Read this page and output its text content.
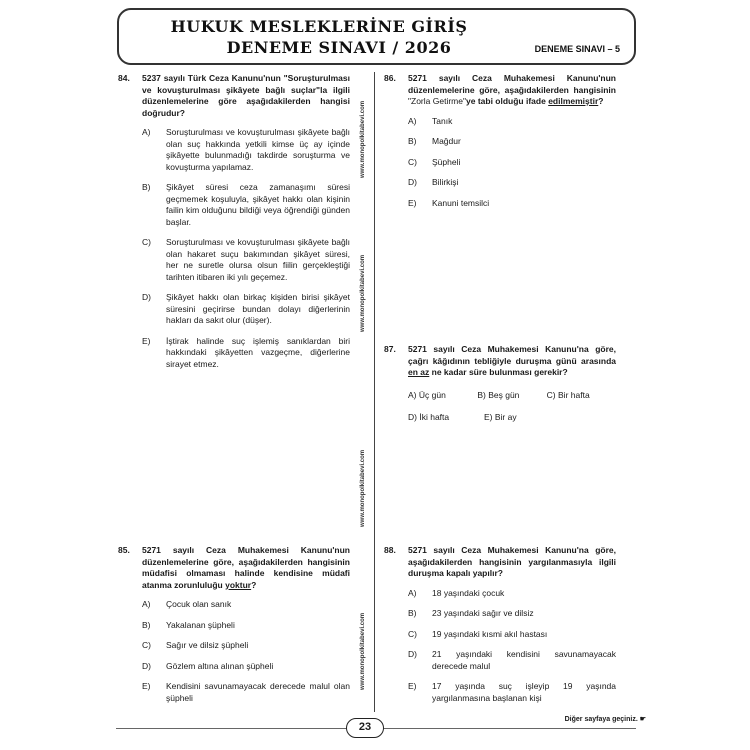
HUKUK MESLEKLERİNE GİRİŞ
DENEME SINAVI / 2026	DENEME SINAVI – 5
www.monopolkitabevi.com
www.monopolkitabevi.com
www.monopolkitabevi.com
www.monopolkitabevi.com
84.	5237 sayılı Türk Ceza Kanunu'nun "Soruşturulması ve kovuşturulması şikâyete bağlı suçlar"la ilgili düzenlemelerine göre aşağıdakilerden hangisi doğrudur?
A)	Soruşturulması ve kovuşturulması şikâyete bağlı olan suç hakkında yetkili kimse üç ay içinde şikâyette bulunmadığı takdirde soruşturma ve kovuşturma yapılamaz.
B)	Şikâyet süresi ceza zamanaşımı süresi geçmemek koşuluyla, şikâyet hakkı olan kişinin failin kim olduğunu bildiği veya öğrendiği günden başlar.
C)	Soruşturulması ve kovuşturulması şikâyete bağlı olan hakaret suçu bakımından şikâyet süresi, her ne suretle olursa olsun fiilin gerçekleştiği tarihten itibaren iki yılı geçemez.
D)	Şikâyet hakkı olan birkaç kişiden birisi şikâyet süresini geçirirse bundan dolayı diğerlerinin hakları da sakıt olur (düşer).
E)	İştirak halinde suç işlemiş sanıklardan biri hakkındaki şikâyetten vazgeçme, diğerlerine sirayet etmez.
85.	5271 sayılı Ceza Muhakemesi Kanunu'nun düzenlemelerine göre, aşağıdakilerden hangisinin müdafisi olmaması halinde kendisine müdafi atanma zorunluluğu yoktur?
A)	Çocuk olan sanık
B)	Yakalanan şüpheli
C)	Sağır ve dilsiz şüpheli
D)	Gözlem altına alınan şüpheli
E)	Kendisini savunamayacak derecede malul olan şüpheli
86.	5271 sayılı Ceza Muhakemesi Kanunu'nun düzenlemelerine göre, aşağıdakilerden hangisinin "Zorla Getirme"ye tabi olduğu ifade edilmemiştir?
A)	Tanık
B)	Mağdur
C)	Şüpheli
D)	Bilirkişi
E)	Kanuni temsilci
87.	5271 sayılı Ceza Muhakemesi Kanunu'na göre, çağrı kâğıdının tebliğiyle duruşma günü arasında en az ne kadar süre bulunması gerekir?
A) Üç gün	B) Beş gün	C) Bir hafta
D) İki hafta	E) Bir ay
88.	5271 sayılı Ceza Muhakemesi Kanunu'na göre, aşağıdakilerden hangisinin yargılanmasıyla ilgili duruşma kapalı yapılır?
A)	18 yaşındaki çocuk
B)	23 yaşındaki sağır ve dilsiz
C)	19 yaşındaki kısmi akıl hastası
D)	21 yaşındaki kendisini savunamayacak derecede malul
E)	17 yaşında suç işleyip 19 yaşında yargılanmasına başlanan kişi
23
Diğer sayfaya geçiniz. ☛
